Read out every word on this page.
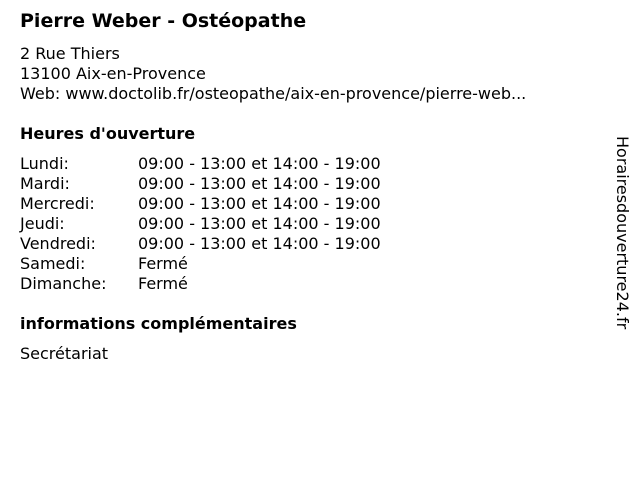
Pierre Weber - Ostéopathe
2 Rue Thiers
13100 Aix-en-Provence
Web: www.doctolib.fr/osteopathe/aix-en-provence/pierre-web...
Heures d'ouverture
Lundi:	09:00 - 13:00 et 14:00 - 19:00
Mardi:	09:00 - 13:00 et 14:00 - 19:00
Mercredi:	09:00 - 13:00 et 14:00 - 19:00
Jeudi:	09:00 - 13:00 et 14:00 - 19:00
Vendredi:	09:00 - 13:00 et 14:00 - 19:00
Samedi:	Fermé
Dimanche:	Fermé
informations complémentaires
Secrétariat
Horairesdouverture24.fr
